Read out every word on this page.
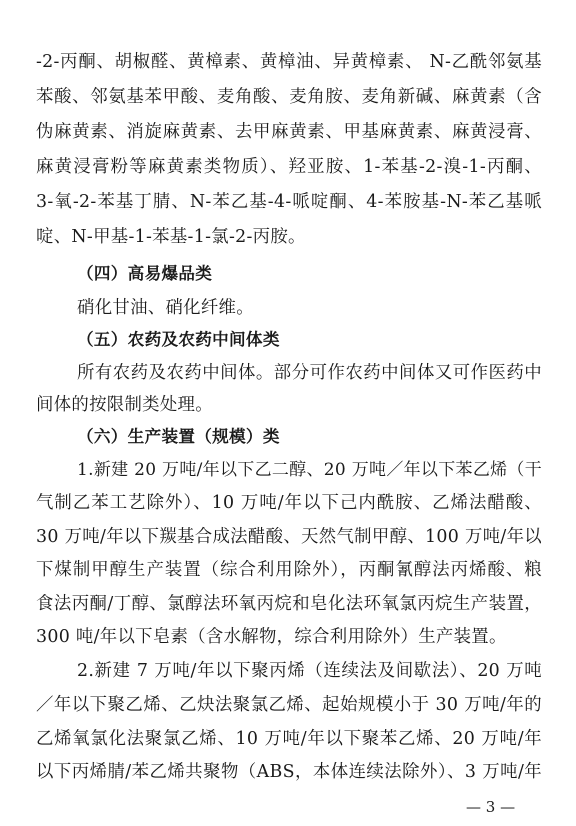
-2-丙酮、胡椒醛、黄樟素、黄樟油、异黄樟素、 N-乙酰邻氨基
苯酸、邻氨基苯甲酸、麦角酸、麦角胺、麦角新碱、麻黄素（含
伪麻黄素、消旋麻黄素、去甲麻黄素、甲基麻黄素、麻黄浸膏、
麻黄浸膏粉等麻黄素类物质）、羟亚胺、1-苯基-2-溴-1-丙酮、
3-氧-2-苯基丁腈、N-苯乙基-4-哌啶酮、4-苯胺基-N-苯乙基哌
啶、N-甲基-1-苯基-1-氯-2-丙胺。
（四）高易爆品类
硝化甘油、硝化纤维。
（五）农药及农药中间体类
所有农药及农药中间体。部分可作农药中间体又可作医药中
间体的按限制类处理。
（六）生产装置（规模）类
1.新建 20 万吨/年以下乙二醇、20 万吨／年以下苯乙烯（干
气制乙苯工艺除外）、10 万吨/年以下己内酰胺、乙烯法醋酸、
30 万吨/年以下羰基合成法醋酸、天然气制甲醇、100 万吨/年以
下煤制甲醇生产装置（综合利用除外），丙酮氰醇法丙烯酸、粮
食法丙酮/丁醇、氯醇法环氧丙烷和皂化法环氧氯丙烷生产装置，
300 吨/年以下皂素（含水解物，综合利用除外）生产装置。
2.新建 7 万吨/年以下聚丙烯（连续法及间歇法）、20 万吨
／年以下聚乙烯、乙炔法聚氯乙烯、起始规模小于 30 万吨/年的
乙烯氧氯化法聚氯乙烯、10 万吨/年以下聚苯乙烯、20 万吨/年
以下丙烯腈/苯乙烯共聚物（ABS，本体连续法除外）、3 万吨/年
— 3 —
